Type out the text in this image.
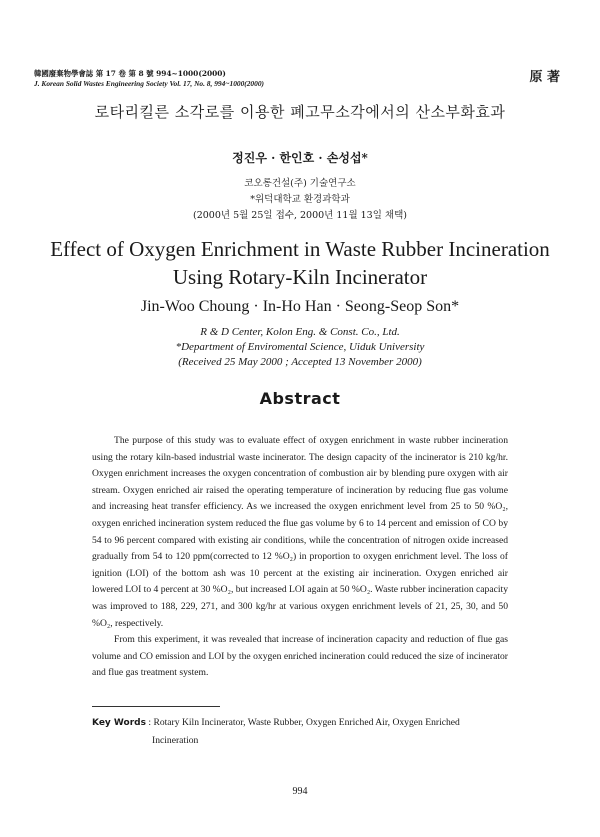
韓國廢棄物學會誌 第 17 卷 第 8 號 994~1000(2000)
J. Korean Solid Wastes Engineering Society Vol. 17, No. 8, 994~1000(2000)	原 著
로타리킬른 소각로를 이용한 폐고무소각에서의 산소부화효과
정진우 · 한인호 · 손성섭*
코오롱건설(주) 기술연구소
*위덕대학교 환경과학과
(2000년 5월 25일 접수, 2000년 11월 13일 채택)
Effect of Oxygen Enrichment in Waste Rubber Incineration
Using Rotary-Kiln Incinerator
Jin-Woo Choung · In-Ho Han · Seong-Seop Son*
R & D Center, Kolon Eng. & Const. Co., Ltd.
*Department of Enviromental Science, Uiduk University
(Received 25 May 2000 ; Accepted 13 November 2000)
Abstract

The purpose of this study was to evaluate effect of oxygen enrichment in waste rubber incineration using the rotary kiln-based industrial waste incinerator. The design capacity of the incinerator is 210 kg/hr. Oxygen enrichment increases the oxygen concentration of combustion air by blending pure oxygen with air stream. Oxygen enriched air raised the operating temperature of incineration by reducing flue gas volume and increasing heat transfer efficiency. As we increased the oxygen enrichment level from 25 to 50 %O₂, oxygen enriched incineration system reduced the flue gas volume by 6 to 14 percent and emission of CO by 54 to 96 percent compared with existing air conditions, while the concentration of nitrogen oxide increased gradually from 54 to 120 ppm(corrected to 12 %O₂) in proportion to oxygen enrichment level. The loss of ignition (LOI) of the bottom ash was 10 percent at the existing air incineration. Oxygen enriched air lowered LOI to 4 percent at 30 %O₂, but increased LOI again at 50 %O₂. Waste rubber incineration capacity was improved to 188, 229, 271, and 300 kg/hr at various oxygen enrichment levels of 21, 25, 30, and 50 %O₂, respectively.

From this experiment, it was revealed that increase of incineration capacity and reduction of flue gas volume and CO emission and LOI by the oxygen enriched incineration could reduced the size of incinerator and flue gas treatment system.

Key Words : Rotary Kiln Incinerator, Waste Rubber, Oxygen Enriched Air, Oxygen Enriched
Incineration
994
